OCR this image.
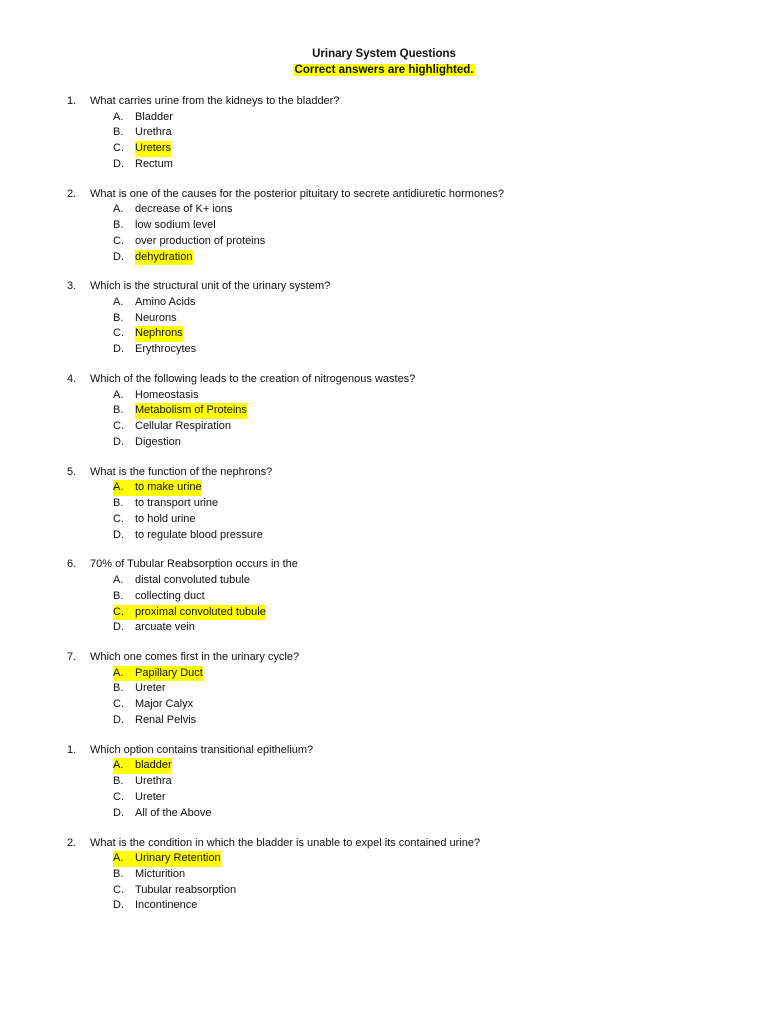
Urinary System Questions
Correct answers are highlighted.
1. What carries urine from the kidneys to the bladder?
A.	Bladder
B.	Urethra
C.	Ureters
D.	Rectum
2. What is one of the causes for the posterior pituitary to secrete antidiuretic hormones?
A.	decrease of K+ ions
B.	low sodium level
C.	over production of proteins
D.	dehydration
3. Which is the structural unit of the urinary system?
A.	Amino Acids
B.	Neurons
C.	Nephrons
D.	Erythrocytes
4. Which of the following leads to the creation of nitrogenous wastes?
A.	Homeostasis
B.	Metabolism of Proteins
C.	Cellular Respiration
D.	Digestion
5. What is the function of the nephrons?
A.	to make urine
B.	to transport urine
C.	to hold urine
D.	to regulate blood pressure
6. 70% of Tubular Reabsorption occurs in the
A.	distal convoluted tubule
B.	collecting duct
C.	proximal convoluted tubule
D.	arcuate vein
7. Which one comes first in the urinary cycle?
A.	Papillary Duct
B.	Ureter
C.	Major Calyx
D.	Renal Pelvis
1. Which option contains transitional epithelium?
A.	bladder
B.	Urethra
C.	Ureter
D.	All of the Above
2. What is the condition in which the bladder is unable to expel its contained urine?
A.	Urinary Retention
B.	Micturition
C.	Tubular reabsorption
D.	Incontinence
